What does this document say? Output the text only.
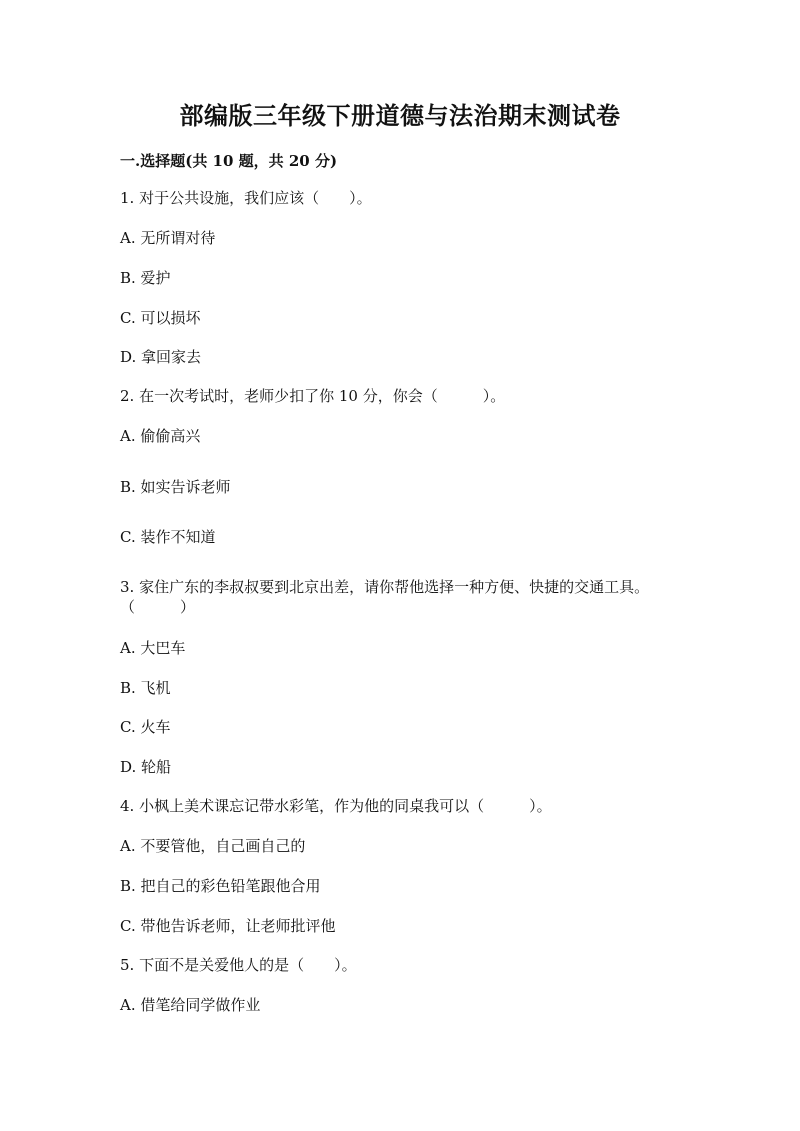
部编版三年级下册道德与法治期末测试卷
一.选择题(共 10 题，共 20 分)
1. 对于公共设施，我们应该（　　）。
A. 无所谓对待
B. 爱护
C. 可以损坏
D. 拿回家去
2. 在一次考试时，老师少扣了你 10 分，你会（　　　）。
A. 偷偷高兴
B. 如实告诉老师
C. 装作不知道
3. 家住广东的李叔叔要到北京出差，请你帮他选择一种方便、快捷的交通工具。（　　　）
A. 大巴车
B. 飞机
C. 火车
D. 轮船
4. 小枫上美术课忘记带水彩笔，作为他的同桌我可以（　　　）。
A. 不要管他，自己画自己的
B. 把自己的彩色铅笔跟他合用
C. 带他告诉老师，让老师批评他
5. 下面不是关爱他人的是（　　）。
A. 借笔给同学做作业
